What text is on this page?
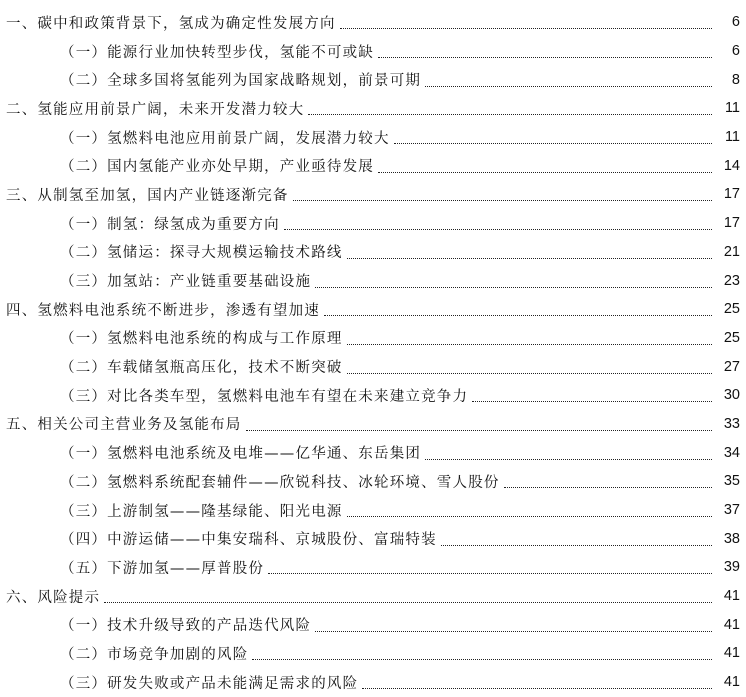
一、碳中和政策背景下，氢成为确定性发展方向	6
（一）能源行业加快转型步伐，氢能不可或缺	6
（二）全球多国将氢能列为国家战略规划，前景可期	8
二、氢能应用前景广阔，未来开发潜力较大	11
（一）氢燃料电池应用前景广阔，发展潜力较大	11
（二）国内氢能产业亦处早期，产业亟待发展	14
三、从制氢至加氢，国内产业链逐渐完备	17
（一）制氢：绿氢成为重要方向	17
（二）氢储运：探寻大规模运输技术路线	21
（三）加氢站：产业链重要基础设施	23
四、氢燃料电池系统不断进步，渗透有望加速	25
（一）氢燃料电池系统的构成与工作原理	25
（二）车载储氢瓶高压化，技术不断突破	27
（三）对比各类车型，氢燃料电池车有望在未来建立竞争力	30
五、相关公司主营业务及氢能布局	33
（一）氢燃料电池系统及电堆——亿华通、东岳集团	34
（二）氢燃料系统配套辅件——欣锐科技、冰轮环境、雪人股份	35
（三）上游制氢——隆基绿能、阳光电源	37
（四）中游运储——中集安瑞科、京城股份、富瑞特装	38
（五）下游加氢——厚普股份	39
六、风险提示	41
（一）技术升级导致的产品迭代风险	41
（二）市场竞争加剧的风险	41
（三）研发失败或产品未能满足需求的风险	41
